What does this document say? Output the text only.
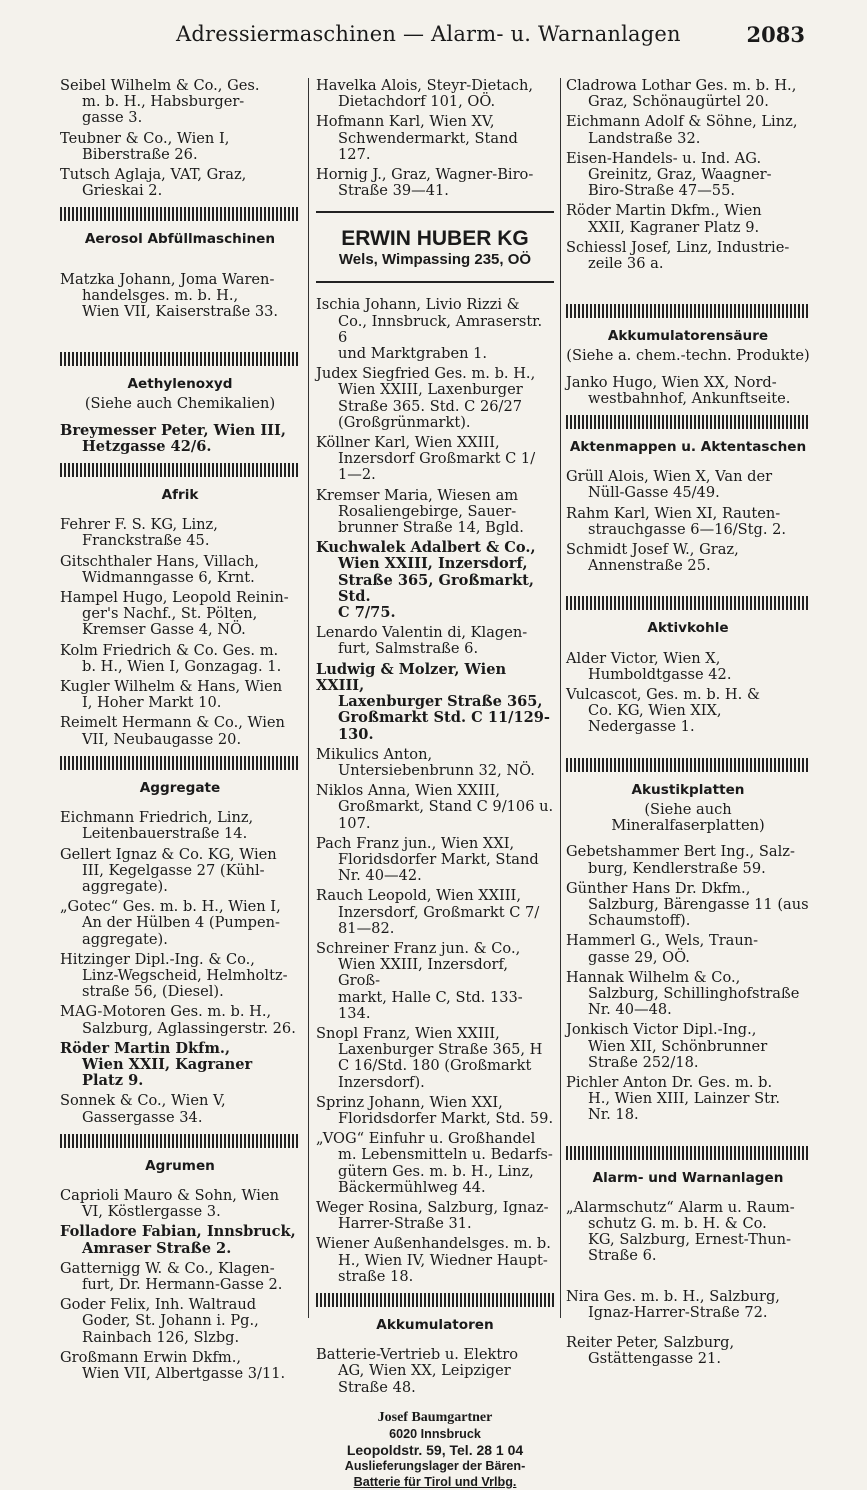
Adressiermaschinen — Alarm- u. Warnanlagen	2083
Seibel Wilhelm & Co., Ges.
m. b. H., Habsburger-
gasse 3.
Teubner & Co., Wien I,
Biberstraße 26.
Tutsch Aglaja, VAT, Graz,
Grieskai 2.
Aerosol Abfüllmaschinen
Matzka Johann, Joma Waren-
handelsges. m. b. H.,
Wien VII, Kaiserstraße 33.
Aethylenoxyd
(Siehe auch Chemikalien)
Breymesser Peter, Wien III,
Hetzgasse 42/6.
Afrik
Fehrer F. S. KG, Linz,
Franckstraße 45.
Gitschthaler Hans, Villach,
Widmanngasse 6, Krnt.
Hampel Hugo, Leopold Reinin-
ger's Nachf., St. Pölten,
Kremser Gasse 4, NÖ.
Kolm Friedrich & Co. Ges. m.
b. H., Wien I, Gonzagag. 1.
Kugler Wilhelm & Hans, Wien
I, Hoher Markt 10.
Reimelt Hermann & Co., Wien
VII, Neubaugasse 20.
Aggregate
Eichmann Friedrich, Linz,
Leitenbauerstraße 14.
Gellert Ignaz & Co. KG, Wien
III, Kegelgasse 27 (Kühl-
aggregate).
„Gotec“ Ges. m. b. H., Wien I,
An der Hülben 4 (Pumpen-
aggregate).
Hitzinger Dipl.-Ing. & Co.,
Linz-Wegscheid, Helmholtz-
straße 56, (Diesel).
MAG-Motoren Ges. m. b. H.,
Salzburg, Aglassingerstr. 26.
Röder Martin Dkfm.,
Wien XXII, Kagraner
Platz 9.
Sonnek & Co., Wien V,
Gassergasse 34.
Agrumen
Caprioli Mauro & Sohn, Wien
VI, Köstlergasse 3.
Folladore Fabian, Innsbruck,
Amraser Straße 2.
Gatternigg W. & Co., Klagen-
furt, Dr. Hermann-Gasse 2.
Goder Felix, Inh. Waltraud
Goder, St. Johann i. Pg.,
Rainbach 126, Slzbg.
Großmann Erwin Dkfm.,
Wien VII, Albertgasse 3/11.
Havelka Alois, Steyr-Dietach,
Dietachdorf 101, OÖ.
Hofmann Karl, Wien XV,
Schwendermarkt, Stand 127.
Hornig J., Graz, Wagner-Biro-
Straße 39—41.
ERWIN HUBER KG
Wels, Wimpassing 235, OÖ
Ischia Johann, Livio Rizzi &
Co., Innsbruck, Amraserstr. 6
und Marktgraben 1.
Judex Siegfried Ges. m. b. H.,
Wien XXIII, Laxenburger
Straße 365. Std. C 26/27
(Großgrünmarkt).
Köllner Karl, Wien XXIII,
Inzersdorf Großmarkt C 1/
1—2.
Kremser Maria, Wiesen am
Rosaliengebirge, Sauer-
brunner Straße 14, Bgld.
Kuchwalek Adalbert & Co.,
Wien XXIII, Inzersdorf,
Straße 365, Großmarkt, Std.
C 7/75.
Lenardo Valentin di, Klagen-
furt, Salmstraße 6.
Ludwig & Molzer, Wien XXIII,
Laxenburger Straße 365,
Großmarkt Std. C 11/129-130.
Mikulics Anton,
Untersiebenbrunn 32, NÖ.
Niklos Anna, Wien XXIII,
Großmarkt, Stand C 9/106 u.
107.
Pach Franz jun., Wien XXI,
Floridsdorfer Markt, Stand
Nr. 40—42.
Rauch Leopold, Wien XXIII,
Inzersdorf, Großmarkt C 7/
81—82.
Schreiner Franz jun. & Co.,
Wien XXIII, Inzersdorf, Groß-
markt, Halle C, Std. 133-134.
Snopl Franz, Wien XXIII,
Laxenburger Straße 365, H
C 16/Std. 180 (Großmarkt
Inzersdorf).
Sprinz Johann, Wien XXI,
Floridsdorfer Markt, Std. 59.
„VOG“ Einfuhr u. Großhandel
m. Lebensmitteln u. Bedarfs-
gütern Ges. m. b. H., Linz,
Bäckermühlweg 44.
Weger Rosina, Salzburg, Ignaz-
Harrer-Straße 31.
Wiener Außenhandelsges. m. b.
H., Wien IV, Wiedner Haupt-
straße 18.
Akkumulatoren
Batterie-Vertrieb u. Elektro
AG, Wien XX, Leipziger
Straße 48.
Josef Baumgartner
6020 Innsbruck
Leopoldstr. 59, Tel. 28 1 04
Auslieferungslager der Bären-
Batterie für Tirol und Vrlbg.
Cladrowa Lothar Ges. m. b. H.,
Graz, Schönaugürtel 20.
Eichmann Adolf & Söhne, Linz,
Landstraße 32.
Eisen-Handels- u. Ind. AG.
Greinitz, Graz, Waagner-
Biro-Straße 47—55.
Röder Martin Dkfm., Wien
XXII, Kagraner Platz 9.
Schiessl Josef, Linz, Industrie-
zeile 36 a.
Akkumulatorensäure
(Siehe a. chem.-techn. Produkte)
Janko Hugo, Wien XX, Nord-
westbahnhof, Ankunftseite.
Aktenmappen u. Aktentaschen
Grüll Alois, Wien X, Van der
Nüll-Gasse 45/49.
Rahm Karl, Wien XI, Rauten-
strauchgasse 6—16/Stg. 2.
Schmidt Josef W., Graz,
Annenstraße 25.
Aktivkohle
Alder Victor, Wien X,
Humboldtgasse 42.
Vulcascot, Ges. m. b. H. &
Co. KG, Wien XIX,
Nedergasse 1.
Akustikplatten
(Siehe auch Mineralfaserplatten)
Gebetshammer Bert Ing., Salz-
burg, Kendlerstraße 59.
Günther Hans Dr. Dkfm.,
Salzburg, Bärengasse 11 (aus
Schaumstoff).
Hammerl G., Wels, Traun-
gasse 29, OÖ.
Hannak Wilhelm & Co.,
Salzburg, Schillinghofstraße
Nr. 40—48.
Jonkisch Victor Dipl.-Ing.,
Wien XII, Schönbrunner
Straße 252/18.
Pichler Anton Dr. Ges. m. b.
H., Wien XIII, Lainzer Str.
Nr. 18.
Alarm- und Warnanlagen
„Alarmschutz“ Alarm u. Raum-
schutz G. m. b. H. & Co.
KG, Salzburg, Ernest-Thun-
Straße 6.
Nira Ges. m. b. H., Salzburg,
Ignaz-Harrer-Straße 72.
Reiter Peter, Salzburg,
Gstättengasse 21.
